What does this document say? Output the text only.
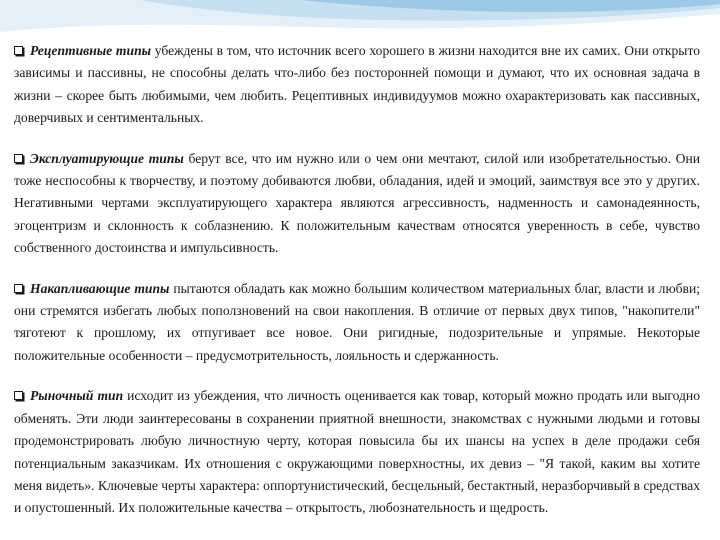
Рецептивные типы убеждены в том, что источник всего хорошего в жизни находится вне их самих. Они открыто зависимы и пассивны, не способны делать что-либо без посторонней помощи и думают, что их основная задача в жизни – скорее быть любимыми, чем любить. Рецептивных индивидуумов можно охарактеризовать как пассивных, доверчивых и сентиментальных.

Эксплуатирующие типы берут все, что им нужно или о чем они мечтают, силой или изобретательностью. Они тоже неспособны к творчеству, и поэтому добиваются любви, обладания, идей и эмоций, заимствуя все это у других. Негативными чертами эксплуатирующего характера являются агрессивность, надменность и самонадеянность, эгоцентризм и склонность к соблазнению. К положительным качествам относятся уверенность в себе, чувство собственного достоинства и импульсивность.

Накапливающие типы пытаются обладать как можно большим количеством материальных благ, власти и любви; они стремятся избегать любых поползновений на свои накопления. В отличие от первых двух типов, "накопители" тяготеют к прошлому, их отпугивает все новое. Они ригидные, подозрительные и упрямые. Некоторые положительные особенности – предусмотрительность, лояльность и сдержанность.

Рыночный тип исходит из убеждения, что личность оценивается как товар, который можно продать или выгодно обменять. Эти люди заинтересованы в сохранении приятной внешности, знакомствах с нужными людьми и готовы продемонстрировать любую личностную черту, которая повысила бы их шансы на успех в деле продажи себя потенциальным заказчикам. Их отношения с окружающими поверхностны, их девиз – "Я такой, каким вы хотите меня видеть». Ключевые черты характера: оппортунистический, бесцельный, бестактный, неразборчивый в средствах и опустошенный. Их положительные качества – открытость, любознательность и щедрость.
